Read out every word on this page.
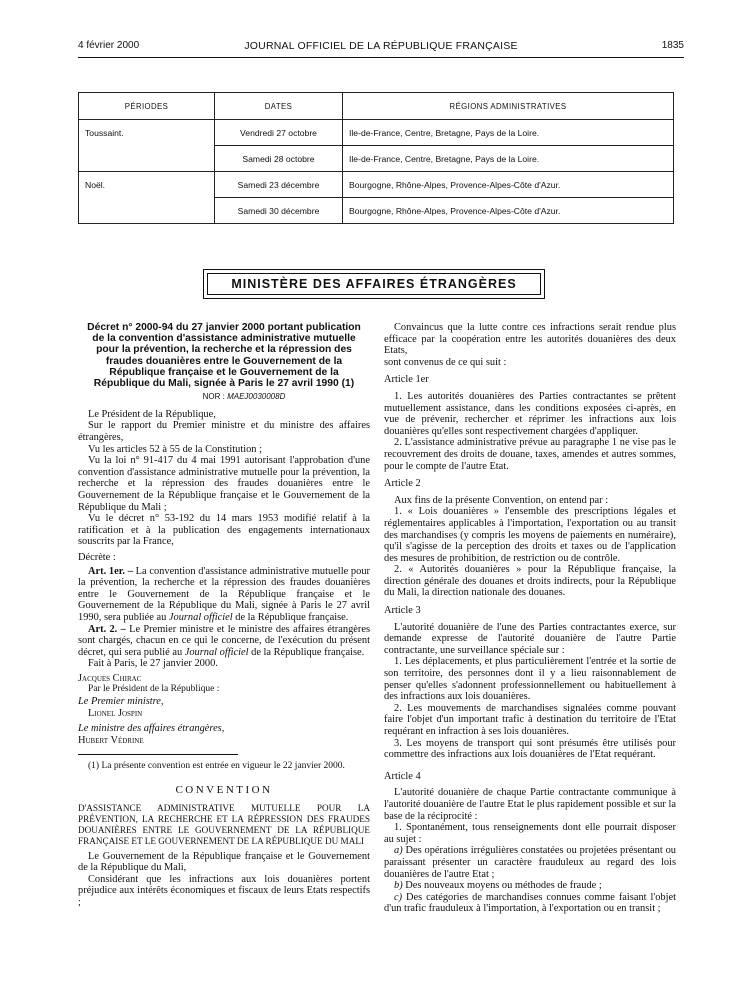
4 février 2000	JOURNAL OFFICIEL DE LA RÉPUBLIQUE FRANÇAISE	1835
PÉRIODES	DATES	RÉGIONS ADMINISTRATIVES
Toussaint.	Vendredi 27 octobre	Ile-de-France, Centre, Bretagne, Pays de la Loire.
	Samedi 28 octobre	Ile-de-France, Centre, Bretagne, Pays de la Loire.
Noël.	Samedi 23 décembre	Bourgogne, Rhône-Alpes, Provence-Alpes-Côte d'Azur.
	Samedi 30 décembre	Bourgogne, Rhône-Alpes, Provence-Alpes-Côte d'Azur.
MINISTÈRE DES AFFAIRES ÉTRANGÈRES
Décret n° 2000-94 du 27 janvier 2000 portant publication de la convention d'assistance administrative mutuelle pour la prévention, la recherche et la répression des fraudes douanières entre le Gouvernement de la République française et le Gouvernement de la République du Mali, signée à Paris le 27 avril 1990 (1)
NOR : MAEJ0030008D

Le Président de la République,

Sur le rapport du Premier ministre et du ministre des affaires étrangères,

Vu les articles 52 à 55 de la Constitution ;

Vu la loi n° 91-417 du 4 mai 1991 autorisant l'approbation d'une convention d'assistance administrative mutuelle pour la prévention, la recherche et la répression des fraudes douanières entre le Gouvernement de la République française et le Gouvernement de la République du Mali ;

Vu le décret n° 53-192 du 14 mars 1953 modifié relatif à la ratification et à la publication des engagements internationaux souscrits par la France,

Décrète :

Art. 1er. – La convention d'assistance administrative mutuelle pour la prévention, la recherche et la répression des fraudes douanières entre le Gouvernement de la République française et le Gouvernement de la République du Mali, signée à Paris le 27 avril 1990, sera publiée au Journal officiel de la République française.

Art. 2. – Le Premier ministre et le ministre des affaires étrangères sont chargés, chacun en ce qui le concerne, de l'exécution du présent décret, qui sera publié au Journal officiel de la République française.

Fait à Paris, le 27 janvier 2000.

Jacques Chirac

Par le Président de la République :

Le Premier ministre,

Lionel Jospin

Le ministre des affaires étrangères,

Hubert Védrine

(1) La présente convention est entrée en vigueur le 22 janvier 2000.

CONVENTION

D'ASSISTANCE ADMINISTRATIVE MUTUELLE POUR LA PRÉVENTION, LA RECHERCHE ET LA RÉPRESSION DES FRAUDES DOUANIÈRES ENTRE LE GOUVERNEMENT DE LA RÉPUBLIQUE FRANÇAISE ET LE GOUVERNEMENT DE LA RÉPUBLIQUE DU MALI

Le Gouvernement de la République française et le Gouvernement de la République du Mali,

Considérant que les infractions aux lois douanières portent préjudice aux intérêts économiques et fiscaux de leurs Etats respectifs ;

Convaincus que la lutte contre ces infractions serait rendue plus efficace par la coopération entre les autorités douanières des deux Etats,

sont convenus de ce qui suit :

Article 1er

1. Les autorités douanières des Parties contractantes se prêtent mutuellement assistance, dans les conditions exposées ci-après, en vue de prévenir, rechercher et réprimer les infractions aux lois douanières qu'elles sont respectivement chargées d'appliquer.

2. L'assistance administrative prévue au paragraphe 1 ne vise pas le recouvrement des droits de douane, taxes, amendes et autres sommes, pour le compte de l'autre Etat.

Article 2

Aux fins de la présente Convention, on entend par :

1. « Lois douanières » l'ensemble des prescriptions légales et réglementaires applicables à l'importation, l'exportation ou au transit des marchandises (y compris les moyens de paiements en numéraire), qu'il s'agisse de la perception des droits et taxes ou de l'application des mesures de prohibition, de restriction ou de contrôle.

2. « Autorités douanières » pour la République française, la direction générale des douanes et droits indirects, pour la République du Mali, la direction nationale des douanes.

Article 3

L'autorité douanière de l'une des Parties contractantes exerce, sur demande expresse de l'autorité douanière de l'autre Partie contractante, une surveillance spéciale sur :

1. Les déplacements, et plus particulièrement l'entrée et la sortie de son territoire, des personnes dont il y a lieu raisonnablement de penser qu'elles s'adonnent professionnellement ou habituellement à des infractions aux lois douanières.

2. Les mouvements de marchandises signalées comme pouvant faire l'objet d'un important trafic à destination du territoire de l'Etat requérant en infraction à ses lois douanières.

3. Les moyens de transport qui sont présumés être utilisés pour commettre des infractions aux lois douanières de l'Etat requérant.

Article 4

L'autorité douanière de chaque Partie contractante communique à l'autorité douanière de l'autre Etat le plus rapidement possible et sur la base de la réciprocité :

1. Spontanément, tous renseignements dont elle pourrait disposer au sujet :

a) Des opérations irrégulières constatées ou projetées présentant ou paraissant présenter un caractère frauduleux au regard des lois douanières de l'autre Etat ;

b) Des nouveaux moyens ou méthodes de fraude ;

c) Des catégories de marchandises connues comme faisant l'objet d'un trafic frauduleux à l'importation, à l'exportation ou en transit ;
